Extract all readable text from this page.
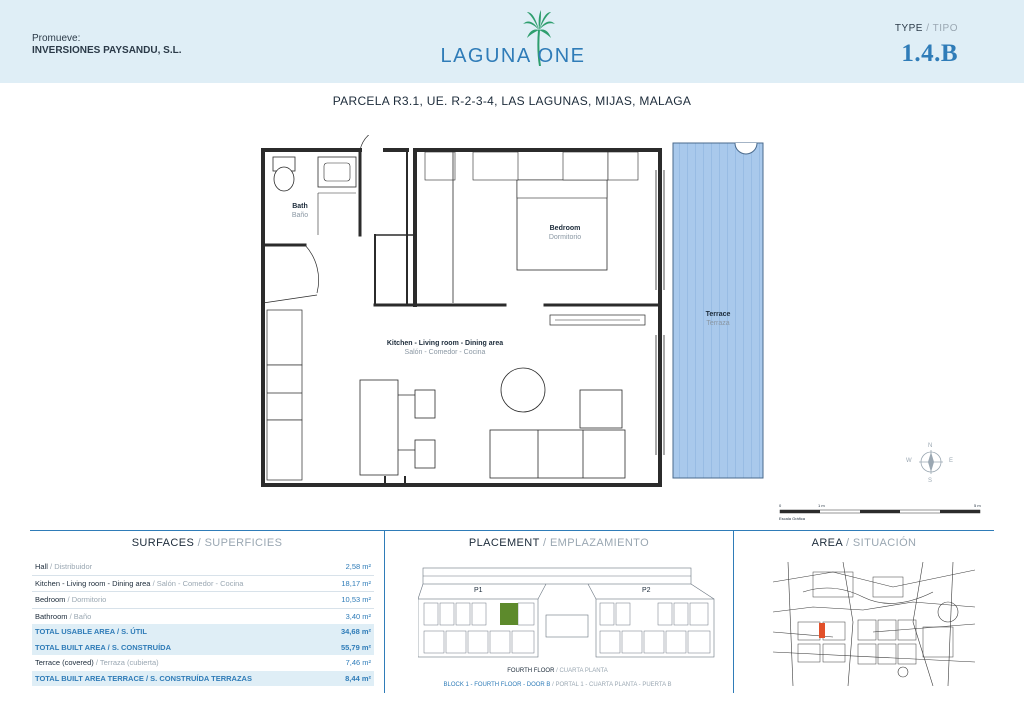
Promueve:
INVERSIONES PAYSANDU, S.L.	LAGUNA ONE
TYPE / TIPO
1.4.B
PARCELA R3.1, UE. R-2-3-4, LAS LAGUNAS, MIJAS, MALAGA
Bath
Baño
Bedroom
Dormitorio
Kitchen - Living room - Dining area
Salón - Comedor - Cocina
Terrace
Terraza
N
S
W	E
0	1 m	5 m
Escala Gráfica
SURFACES / SUPERFICIES
Hall / Distribuidor	2,58 m²
Kitchen - Living room - Dining area / Salón - Comedor - Cocina	18,17 m²
Bedroom / Dormitorio	10,53 m²
Bathroom / Baño	3,40 m²
TOTAL USABLE AREA / S. ÚTIL	34,68 m²
TOTAL BUILT AREA / S. CONSTRUÍDA	55,79 m²
Terrace (covered) / Terraza (cubierta)	7,46 m²
TOTAL BUILT AREA TERRACE / S. CONSTRUÍDA TERRAZAS	8,44 m²
PLACEMENT / EMPLAZAMIENTO
P1	P2
FOURTH FLOOR / CUARTA PLANTA
BLOCK 1 - FOURTH FLOOR - DOOR B / PORTAL 1 - CUARTA PLANTA - PUERTA B
AREA / SITUACIÓN
